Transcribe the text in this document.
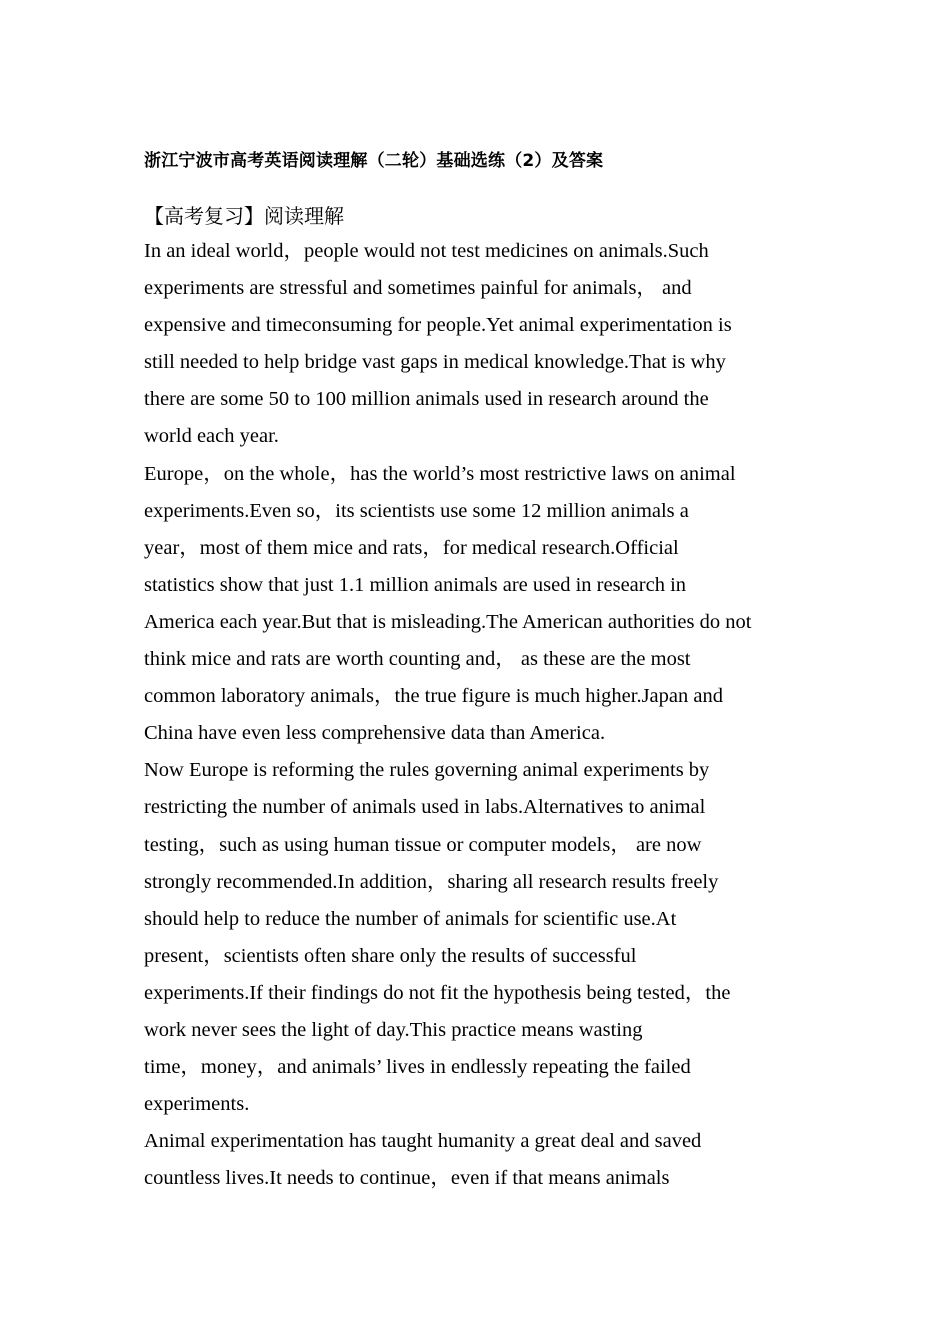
浙江宁波市高考英语阅读理解（二轮）基础选练（2）及答案
【高考复习】阅读理解
In an ideal world，people would not test medicines on animals.Such
experiments are stressful and sometimes painful for animals， and
expensive and timeconsuming for people.Yet animal experimentation is
still needed to help bridge vast gaps in medical knowledge.That is why
there are some 50 to 100 million animals used in research around the
world each year.
Europe，on the whole，has the world’s most restrictive laws on animal
experiments.Even so，its scientists use some 12 million animals a
year，most of them mice and rats，for medical research.Official
statistics show that just 1.1 million animals are used in research in
America each year.But that is misleading.The American authorities do not
think mice and rats are worth counting and， as these are the most
common laboratory animals，the true figure is much higher.Japan and
China have even less comprehensive data than America.
Now Europe is reforming the rules governing animal experiments by
restricting the number of animals used in labs.Alternatives to animal
testing，such as using human tissue or computer models， are now
strongly recommended.In addition，sharing all research results freely
should help to reduce the number of animals for scientific use.At
present，scientists often share only the results of successful
experiments.If their findings do not fit the hypothesis being tested，the
work never sees the light of day.This practice means wasting
time，money，and animals’ lives in endlessly repeating the failed
experiments.
Animal experimentation has taught humanity a great deal and saved
countless lives.It needs to continue，even if that means animals
